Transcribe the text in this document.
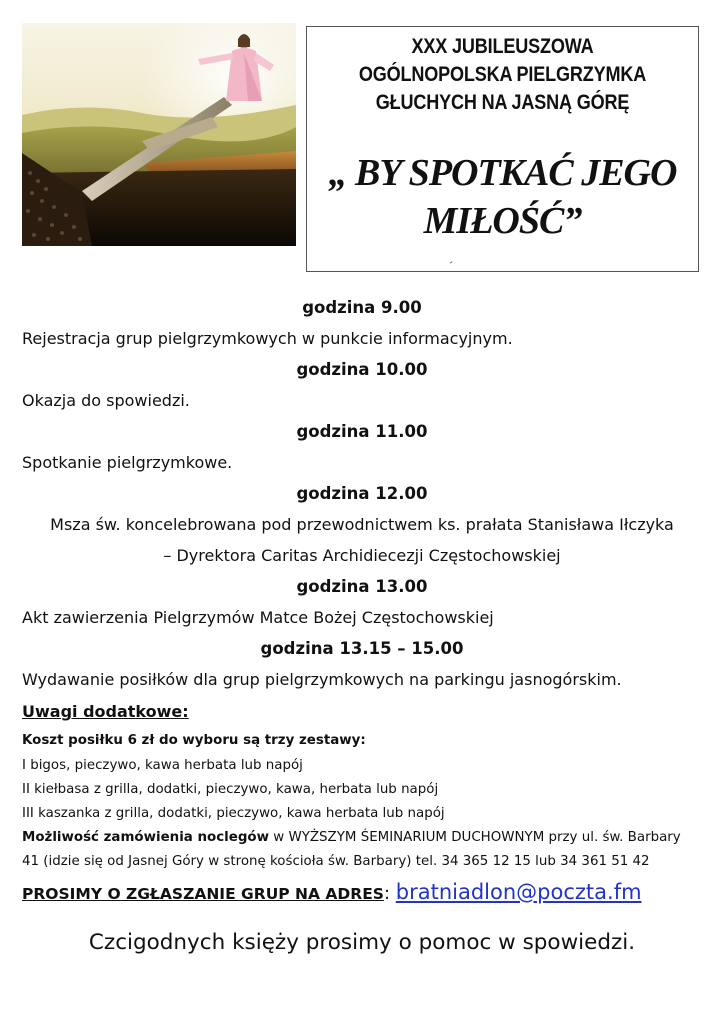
XXX JUBILEUSZOWA
OGÓLNOPOLSKA PIELGRZYMKA
GŁUCHYCH NA JASNĄ GÓRĘ
„ BY SPOTKAĆ JEGO
MIŁOŚĆ”
´
godzina 9.00
Rejestracja grup pielgrzymkowych w punkcie informacyjnym.
godzina 10.00
Okazja do spowiedzi.
godzina 11.00
Spotkanie pielgrzymkowe.
godzina 12.00
Msza św. koncelebrowana pod przewodnictwem ks. prałata Stanisława Iłczyka
– Dyrektora Caritas Archidiecezji Częstochowskiej
godzina 13.00
Akt zawierzenia Pielgrzymów Matce Bożej Częstochowskiej
godzina 13.15 – 15.00
Wydawanie posiłków dla grup pielgrzymkowych na parkingu jasnogórskim.
Uwagi dodatkowe:
Koszt posiłku 6 zł do wyboru są trzy zestawy:
I bigos, pieczywo, kawa herbata lub napój
II kiełbasa z grilla, dodatki, pieczywo, kawa, herbata lub napój
III kaszanka z grilla, dodatki, pieczywo, kawa herbata lub napój
Możliwość zamówienia noclegów w WYŻSZYM ŚEMINARIUM DUCHOWNYM przy ul. św. Barbary
41 (idzie się od Jasnej Góry w stronę kościoła św. Barbary) tel. 34 365 12 15 lub 34 361 51 42
PROSIMY O ZGŁASZANIE GRUP NA ADRES: bratniadlon@poczta.fm
Czcigodnych księży prosimy o pomoc w spowiedzi.
